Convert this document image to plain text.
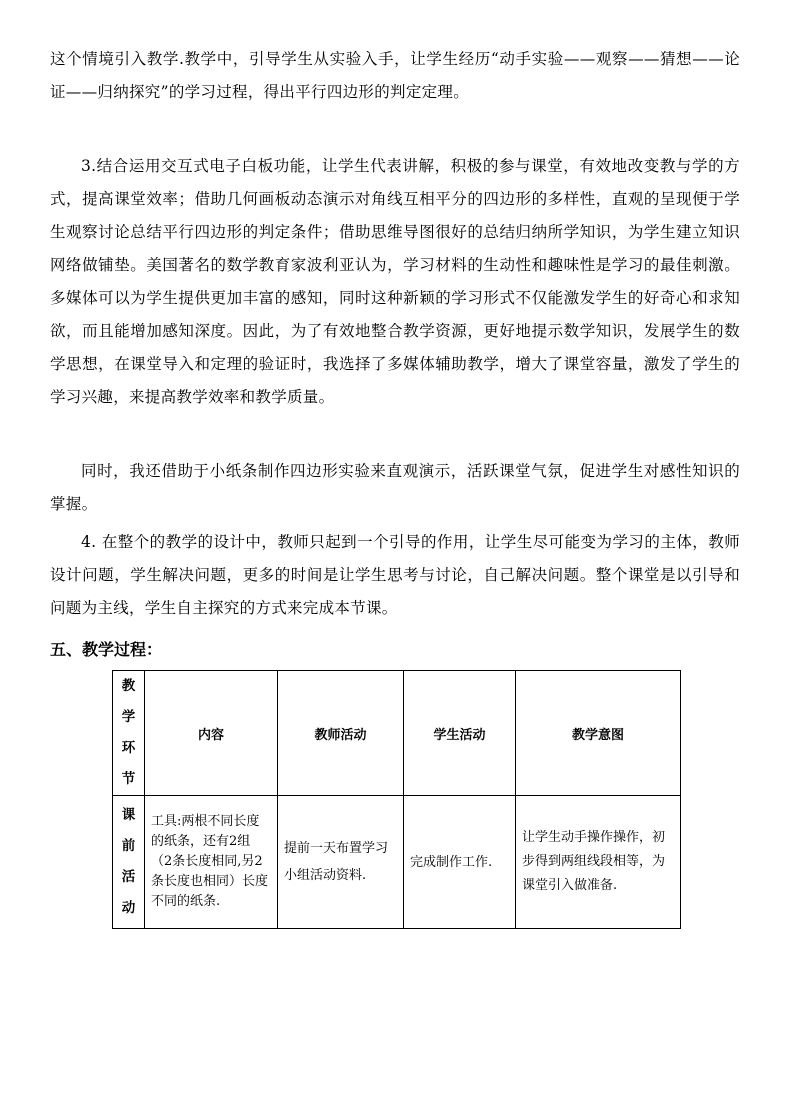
这个情境引入教学.教学中，引导学生从实验入手，让学生经历“动手实验——观察——猜想——论证——归纳探究”的学习过程，得出平行四边形的判定定理。

3.结合运用交互式电子白板功能，让学生代表讲解，积极的参与课堂，有效地改变教与学的方式，提高课堂效率；借助几何画板动态演示对角线互相平分的四边形的多样性，直观的呈现便于学生观察讨论总结平行四边形的判定条件；借助思维导图很好的总结归纳所学知识，为学生建立知识网络做铺垫。美国著名的数学教育家波利亚认为，学习材料的生动性和趣味性是学习的最佳刺激。多媒体可以为学生提供更加丰富的感知，同时这种新颖的学习形式不仅能激发学生的好奇心和求知欲，而且能增加感知深度。因此，为了有效地整合教学资源，更好地提示数学知识，发展学生的数学思想，在课堂导入和定理的验证时，我选择了多媒体辅助教学，增大了课堂容量，激发了学生的学习兴趣，来提高教学效率和教学质量。

同时，我还借助于小纸条制作四边形实验来直观演示，活跃课堂气氛，促进学生对感性知识的掌握。

4. 在整个的教学的设计中，教师只起到一个引导的作用，让学生尽可能变为学习的主体，教师设计问题，学生解决问题，更多的时间是让学生思考与讨论，自己解决问题。整个课堂是以引导和问题为主线，学生自主探究的方式来完成本节课。

五、教学过程：
教学环节	内容	教师活动	学生活动	教学意图

课前活动	工具:两根不同长度的纸条，还有2组（2条长度相同,另2条长度也相同）长度不同的纸条.	提前一天布置学习小组活动资料.	完成制作工作.	让学生动手操作操作，初步得到两组线段相等，为课堂引入做准备.
